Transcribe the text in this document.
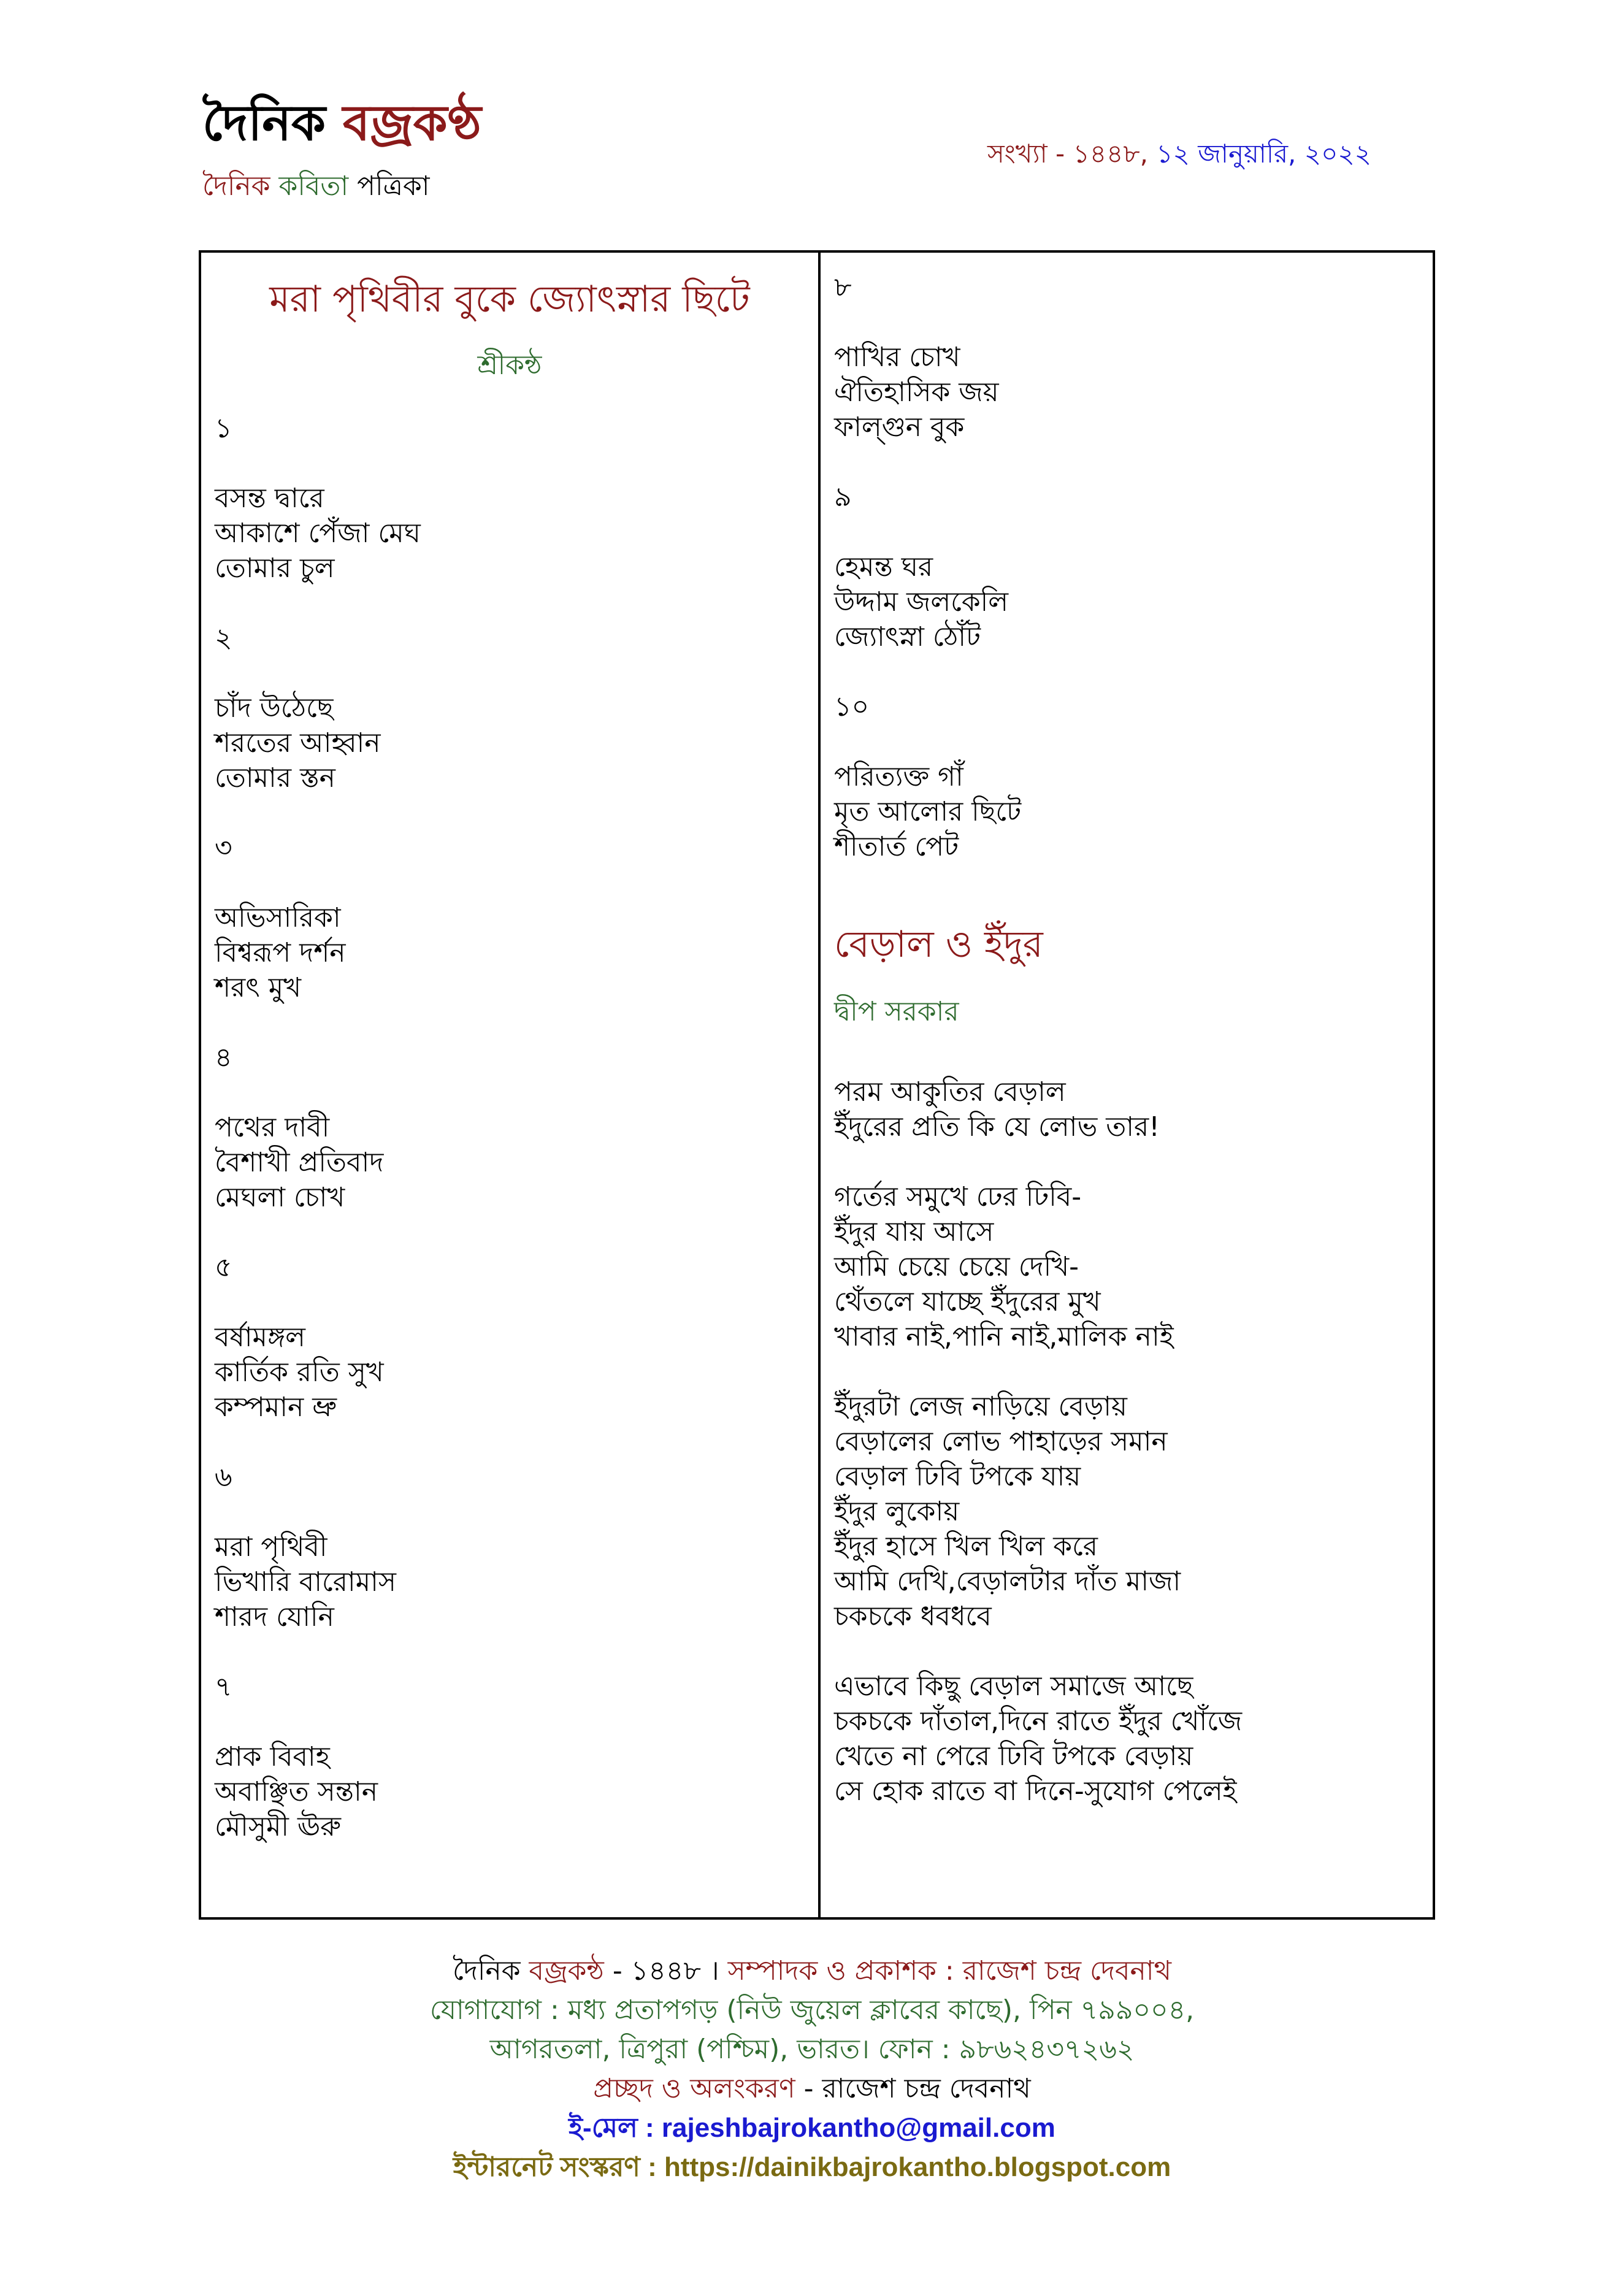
দৈনিক বজ্রকণ্ঠ
দৈনিক কবিতা পত্রিকা
সংখ্যা - ১৪৪৮, ১২ জানুয়ারি, ২০২২
মরা পৃথিবীর বুকে জ্যোৎস্নার ছিটে
শ্রীকন্ঠ
১
বসন্ত দ্বারে
আকাশে পেঁজা মেঘ
তোমার চুল
২
চাঁদ উঠেছে
শরতের আহ্বান
তোমার স্তন
৩
অভিসারিকা
বিশ্বরূপ দর্শন
শরৎ মুখ
৪
পথের দাবী
বৈশাখী প্রতিবাদ
মেঘলা চোখ
৫
বর্ষামঙ্গল
কার্তিক রতি সুখ
কম্পমান ভ্রু
৬
মরা পৃথিবী
ভিখারি বারোমাস
শারদ যোনি
৭
প্রাক বিবাহ
অবাঞ্ছিত সন্তান
মৌসুমী ঊরু
৮
পাখির চোখ
ঐতিহাসিক জয়
ফাল্গুন বুক
৯
হেমন্ত ঘর
উদ্দাম জলকেলি
জ্যোৎস্না ঠোঁট
১০
পরিত্যক্ত গাঁ
মৃত আলোর ছিটে
শীতার্ত পেট
বেড়াল ও ইঁদুর
দ্বীপ সরকার
পরম আকুতির বেড়াল
ইঁদুরের প্রতি কি যে লোভ তার!
গর্তের সমুখে ঢের ঢিবি-
ইঁদুর যায় আসে
আমি চেয়ে চেয়ে দেখি-
থেঁতলে যাচ্ছে ইঁদুরের মুখ
খাবার নাই,পানি নাই,মালিক নাই
ইঁদুরটা লেজ নাড়িয়ে বেড়ায়
বেড়ালের লোভ পাহাড়ের সমান
বেড়াল ঢিবি টপকে যায়
ইঁদুর লুকোয়
ইঁদুর হাসে খিল খিল করে
আমি দেখি,বেড়ালটার দাঁত মাজা
চকচকে ধবধবে
এভাবে কিছু বেড়াল সমাজে আছে
চকচকে দাঁতাল,দিনে রাতে ইঁদুর খোঁজে
খেতে না পেরে ঢিবি টপকে বেড়ায়
সে হোক রাতে বা দিনে-সুযোগ পেলেই
দৈনিক বজ্রকন্ঠ - ১৪৪৮ । সম্পাদক ও প্রকাশক : রাজেশ চন্দ্র দেবনাথ
যোগাযোগ : মধ্য প্রতাপগড় (নিউ জুয়েল ক্লাবের কাছে), পিন ৭৯৯০০৪,
আগরতলা, ত্রিপুরা (পশ্চিম), ভারত। ফোন : ৯৮৬২৪৩৭২৬২
প্রচ্ছদ ও অলংকরণ - রাজেশ চন্দ্র দেবনাথ
ই-মেল : rajeshbajrokantho@gmail.com
ইন্টারনেট সংস্করণ : https://dainikbajrokantho.blogspot.com
